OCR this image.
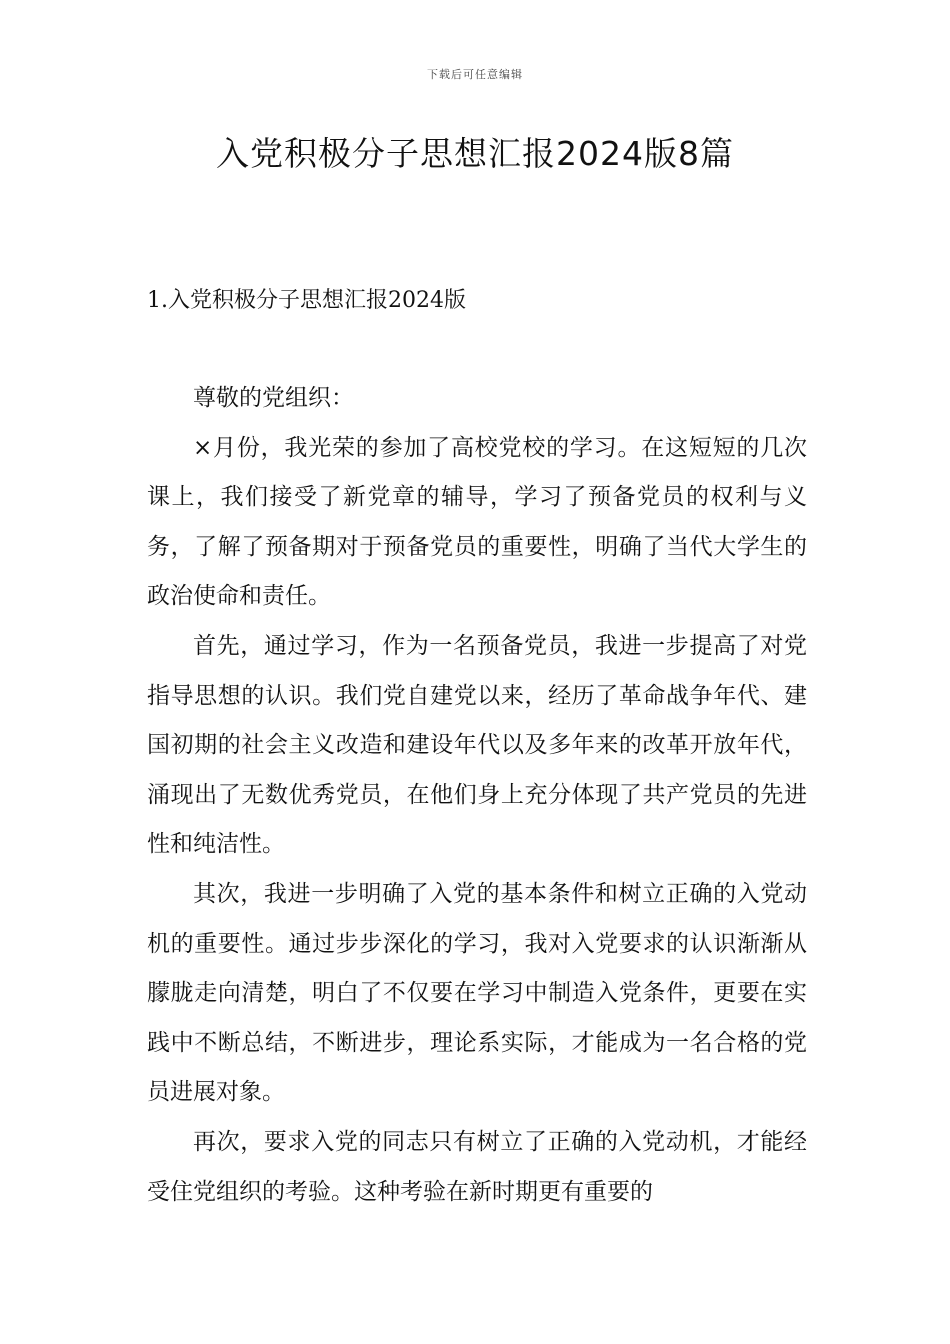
下载后可任意编辑
入党积极分子思想汇报2024版8篇
1.入党积极分子思想汇报2024版

尊敬的党组织：

×月份，我光荣的参加了高校党校的学习。在这短短的几次课上，我们接受了新党章的辅导，学习了预备党员的权利与义务，了解了预备期对于预备党员的重要性，明确了当代大学生的政治使命和责任。

首先，通过学习，作为一名预备党员，我进一步提高了对党指导思想的认识。我们党自建党以来，经历了革命战争年代、建国初期的社会主义改造和建设年代以及多年来的改革开放年代，涌现出了无数优秀党员，在他们身上充分体现了共产党员的先进性和纯洁性。

其次，我进一步明确了入党的基本条件和树立正确的入党动机的重要性。通过步步深化的学习，我对入党要求的认识渐渐从朦胧走向清楚，明白了不仅要在学习中制造入党条件，更要在实践中不断总结，不断进步，理论系实际，才能成为一名合格的党员进展对象。

再次，要求入党的同志只有树立了正确的入党动机，才能经受住党组织的考验。这种考验在新时期更有重要的
